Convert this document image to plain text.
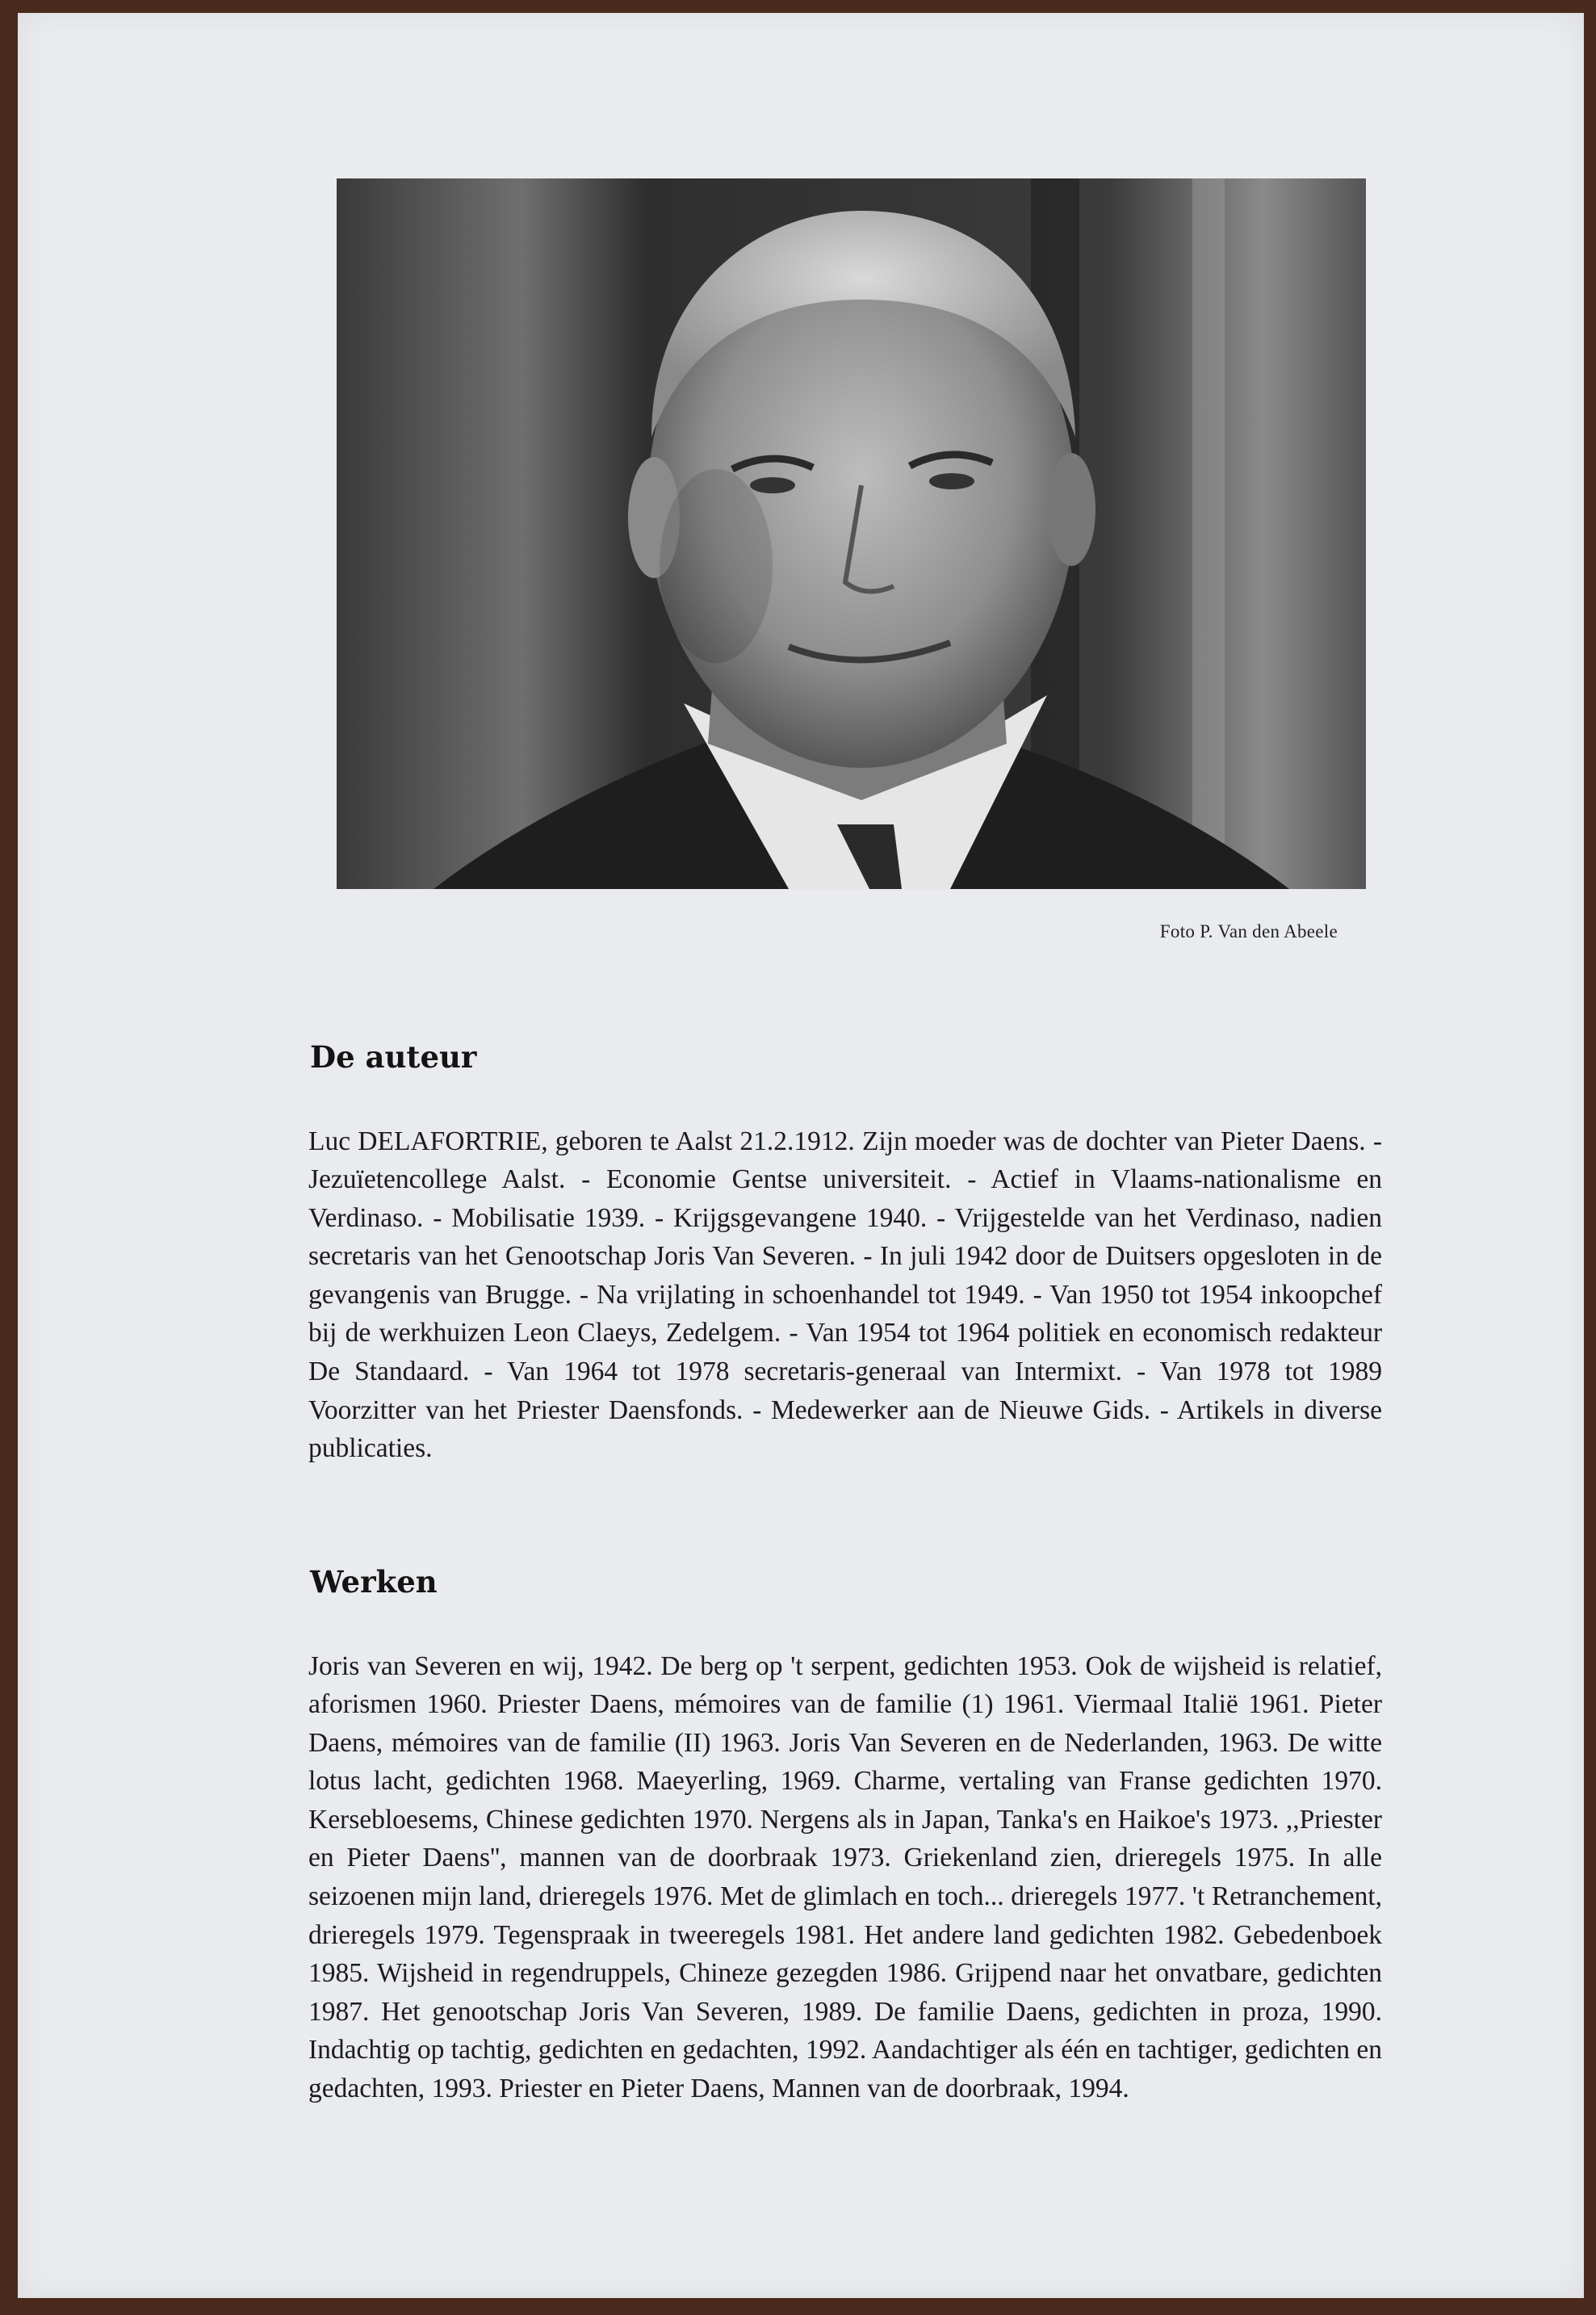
Foto P. Van den Abeele
De auteur

Luc DELAFORTRIE, geboren te Aalst 21.2.1912. Zijn moeder was de dochter van Pieter Daens. - Jezuïetencollege Aalst. - Economie Gentse universiteit. - Actief in Vlaams-nationalisme en Verdinaso. - Mobilisatie 1939. - Krijgsgevangene 1940. - Vrijgestelde van het Verdinaso, nadien secretaris van het Genootschap Joris Van Severen. - In juli 1942 door de Duitsers opgesloten in de gevangenis van Brugge. - Na vrijlating in schoenhandel tot 1949. - Van 1950 tot 1954 inkoopchef bij de werkhuizen Leon Claeys, Zedelgem. - Van 1954 tot 1964 politiek en economisch redakteur De Standaard. - Van 1964 tot 1978 secretaris-generaal van Intermixt. - Van 1978 tot 1989 Voorzitter van het Priester Daensfonds. - Medewerker aan de Nieuwe Gids. - Artikels in diverse publicaties.

Werken

Joris van Severen en wij, 1942. De berg op 't serpent, gedichten 1953. Ook de wijsheid is relatief, aforismen 1960. Priester Daens, mémoires van de familie (1) 1961. Viermaal Italië 1961. Pieter Daens, mémoires van de familie (II) 1963. Joris Van Severen en de Nederlanden, 1963. De witte lotus lacht, gedichten 1968. Maeyerling, 1969. Charme, vertaling van Franse gedichten 1970. Kersebloesems, Chinese gedichten 1970. Nergens als in Japan, Tanka's en Haikoe's 1973. ,,Priester en Pieter Daens'', mannen van de doorbraak 1973. Griekenland zien, drieregels 1975. In alle seizoenen mijn land, drieregels 1976. Met de glimlach en toch... drieregels 1977. 't Retranchement, drieregels 1979. Tegenspraak in tweeregels 1981. Het andere land gedichten 1982. Gebedenboek 1985. Wijsheid in regendruppels, Chineze gezegden 1986. Grijpend naar het onvatbare, gedichten 1987. Het genootschap Joris Van Severen, 1989. De familie Daens, gedichten in proza, 1990. Indachtig op tachtig, gedichten en gedachten, 1992. Aandachtiger als één en tachtiger, gedichten en gedachten, 1993. Priester en Pieter Daens, Mannen van de doorbraak, 1994.
